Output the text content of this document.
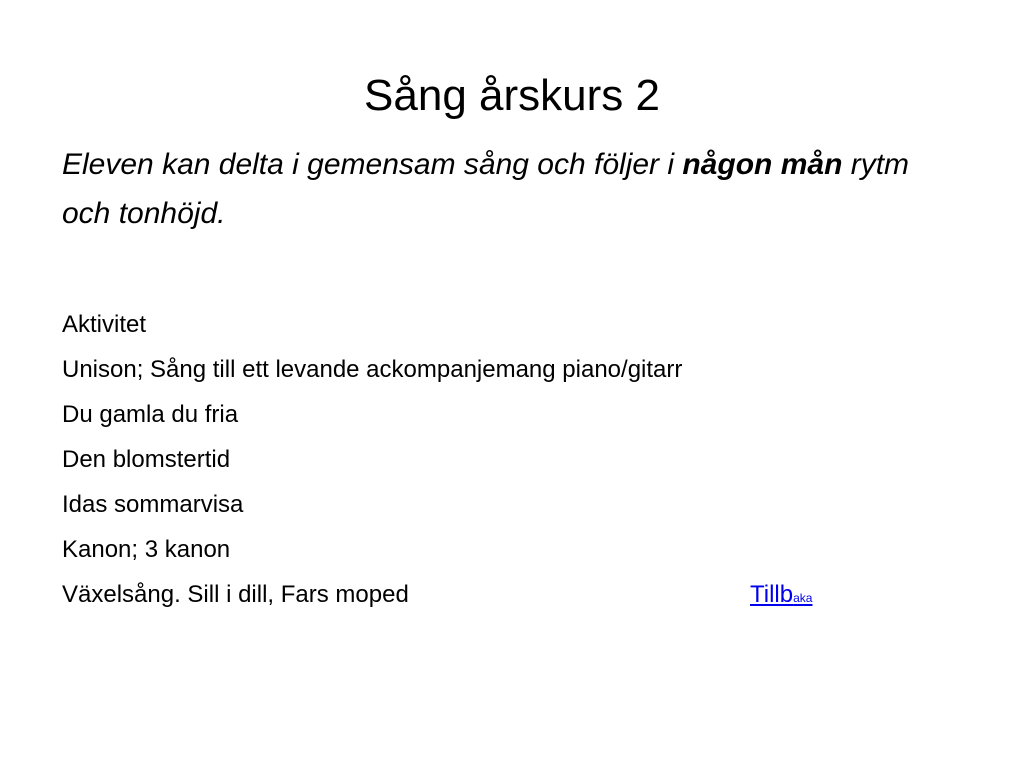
Sång årskurs 2

Eleven kan delta i gemensam sång och följer i någon mån rytm och tonhöjd.

Aktivitet
Unison; Sång till ett levande ackompanjemang piano/gitarr
Du gamla du fria
Den blomstertid
Idas sommarvisa
Kanon; 3 kanon
Växelsång. Sill i dill, Fars moped	Tillbaka
